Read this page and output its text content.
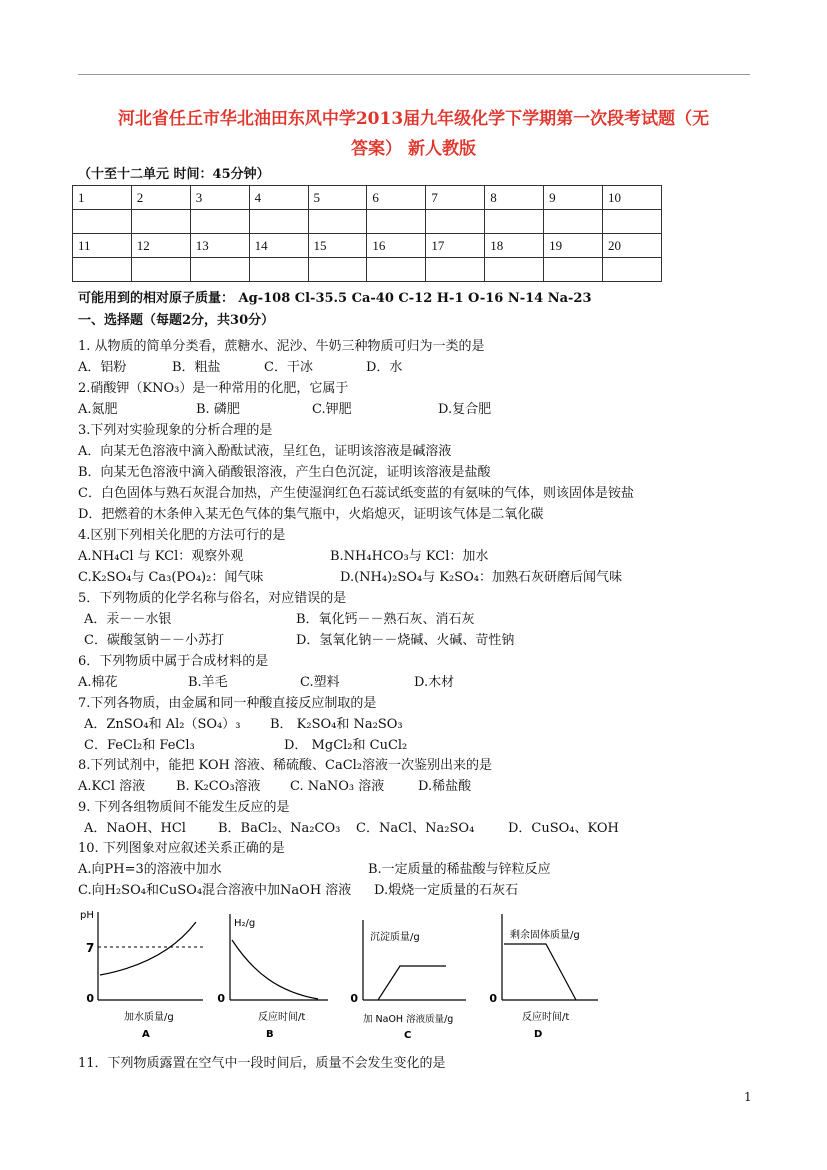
河北省任丘市华北油田东风中学2013届九年级化学下学期第一次段考试题（无
答案） 新人教版
（十至十二单元 时间：45分钟）
1	2	3	4	5	6	7	8	9	10

11	12	13	14	15	16	17	18	19	20

可能用到的相对原子质量： Ag-108 Cl-35.5 Ca-40 C-12 H-1 O-16 N-14 Na-23
一、选择题（每题2分，共30分）
1. 从物质的简单分类看，蔗糖水、泥沙、牛奶三种物质可归为一类的是
A．铝粉	B．粗盐	C．干冰	D．水
2.硝酸钾（KNO₃）是一种常用的化肥，它属于
A.氮肥	B. 磷肥	C.钾肥	D.复合肥
3.下列对实验现象的分析合理的是
A．向某无色溶液中滴入酚酞试液，呈红色，证明该溶液是碱溶液
B．向某无色溶液中滴入硝酸银溶液，产生白色沉淀，证明该溶液是盐酸
C．白色固体与熟石灰混合加热，产生使湿润红色石蕊试纸变蓝的有氨味的气体，则该固体是铵盐
D．把燃着的木条伸入某无色气体的集气瓶中，火焰熄灭，证明该气体是二氧化碳
4.区别下列相关化肥的方法可行的是
A.NH₄Cl 与 KCl：观察外观	B.NH₄HCO₃与 KCl：加水
C.K₂SO₄与 Ca₃(PO₄)₂：闻气味	D.(NH₄)₂SO₄与 K₂SO₄：加熟石灰研磨后闻气味
5．下列物质的化学名称与俗名，对应错误的是
A．汞－－水银	B．氧化钙－－熟石灰、消石灰
C．碳酸氢钠－－小苏打	D．氢氧化钠－－烧碱、火碱、苛性钠
6．下列物质中属于合成材料的是
A.棉花	B.羊毛	C.塑料	D.木材
7.下列各物质，由金属和同一种酸直接反应制取的是
A．ZnSO₄和 Al₂（SO₄）₃ B． K₂SO₄和 Na₂SO₃
C．FeCl₂和 FeCl₃	D． MgCl₂和 CuCl₂
8.下列试剂中，能把 KOH 溶液、稀硫酸、CaCl₂溶液一次鉴别出来的是
A.KCl 溶液 B. K₂CO₃溶液 C. NaNO₃ 溶液	D.稀盐酸
9. 下列各组物质间不能发生反应的是
A．NaOH、HCl B．BaCl₂、Na₂CO₃ C．NaCl、Na₂SO₄	D．CuSO₄、KOH
10. 下列图象对应叙述关系正确的是
A.向PH=3的溶液中加水	B.一定质量的稀盐酸与锌粒反应
C.向H₂SO₄和CuSO₄混合溶液中加NaOH 溶液 D.煅烧一定质量的石灰石
pH
7
0
加水质量/g
A
H₂/g
0
反应时间/t
B
沉淀质量/g
0
加 NaOH 溶液质量/g
C
剩余固体质量/g
0
反应时间/t
D
11．下列物质露置在空气中一段时间后，质量不会发生变化的是
1
